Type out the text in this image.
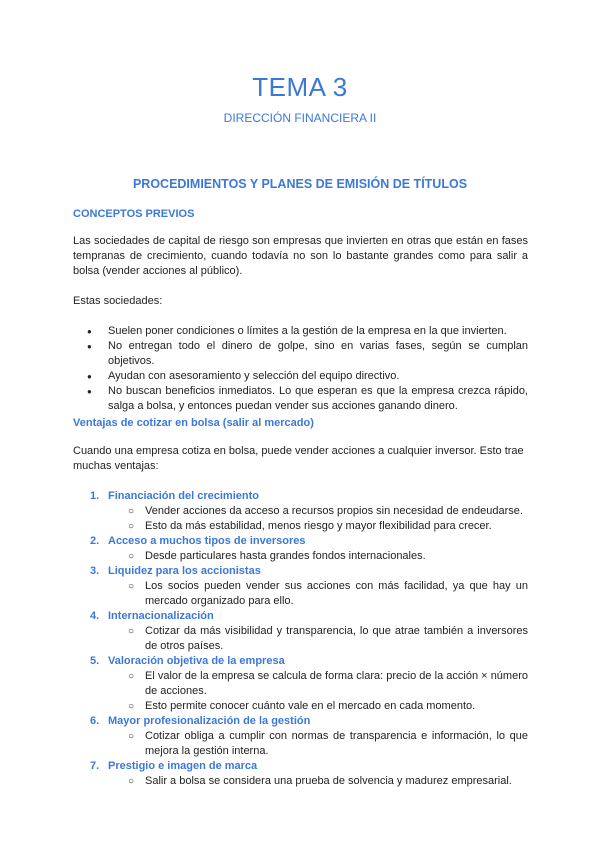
TEMA 3
DIRECCIÓN FINANCIERA II
PROCEDIMIENTOS Y PLANES DE EMISIÓN DE TÍTULOS
CONCEPTOS PREVIOS
Las sociedades de capital de riesgo son empresas que invierten en otras que están en fases tempranas de crecimiento, cuando todavía no son lo bastante grandes como para salir a bolsa (vender acciones al público).
Estas sociedades:
● Suelen poner condiciones o límites a la gestión de la empresa en la que invierten.
● No entregan todo el dinero de golpe, sino en varias fases, según se cumplan objetivos.
● Ayudan con asesoramiento y selección del equipo directivo.
● No buscan beneficios inmediatos. Lo que esperan es que la empresa crezca rápido, salga a bolsa, y entonces puedan vender sus acciones ganando dinero.
Ventajas de cotizar en bolsa (salir al mercado)
Cuando una empresa cotiza en bolsa, puede vender acciones a cualquier inversor. Esto trae muchas ventajas:
1. Financiación del crecimiento
○ Vender acciones da acceso a recursos propios sin necesidad de endeudarse.
○ Esto da más estabilidad, menos riesgo y mayor flexibilidad para crecer.
2. Acceso a muchos tipos de inversores
○ Desde particulares hasta grandes fondos internacionales.
3. Liquidez para los accionistas
○ Los socios pueden vender sus acciones con más facilidad, ya que hay un mercado organizado para ello.
4. Internacionalización
○ Cotizar da más visibilidad y transparencia, lo que atrae también a inversores de otros países.
5. Valoración objetiva de la empresa
○ El valor de la empresa se calcula de forma clara: precio de la acción × número de acciones.
○ Esto permite conocer cuánto vale en el mercado en cada momento.
6. Mayor profesionalización de la gestión
○ Cotizar obliga a cumplir con normas de transparencia e información, lo que mejora la gestión interna.
7. Prestigio e imagen de marca
○ Salir a bolsa se considera una prueba de solvencia y madurez empresarial.
